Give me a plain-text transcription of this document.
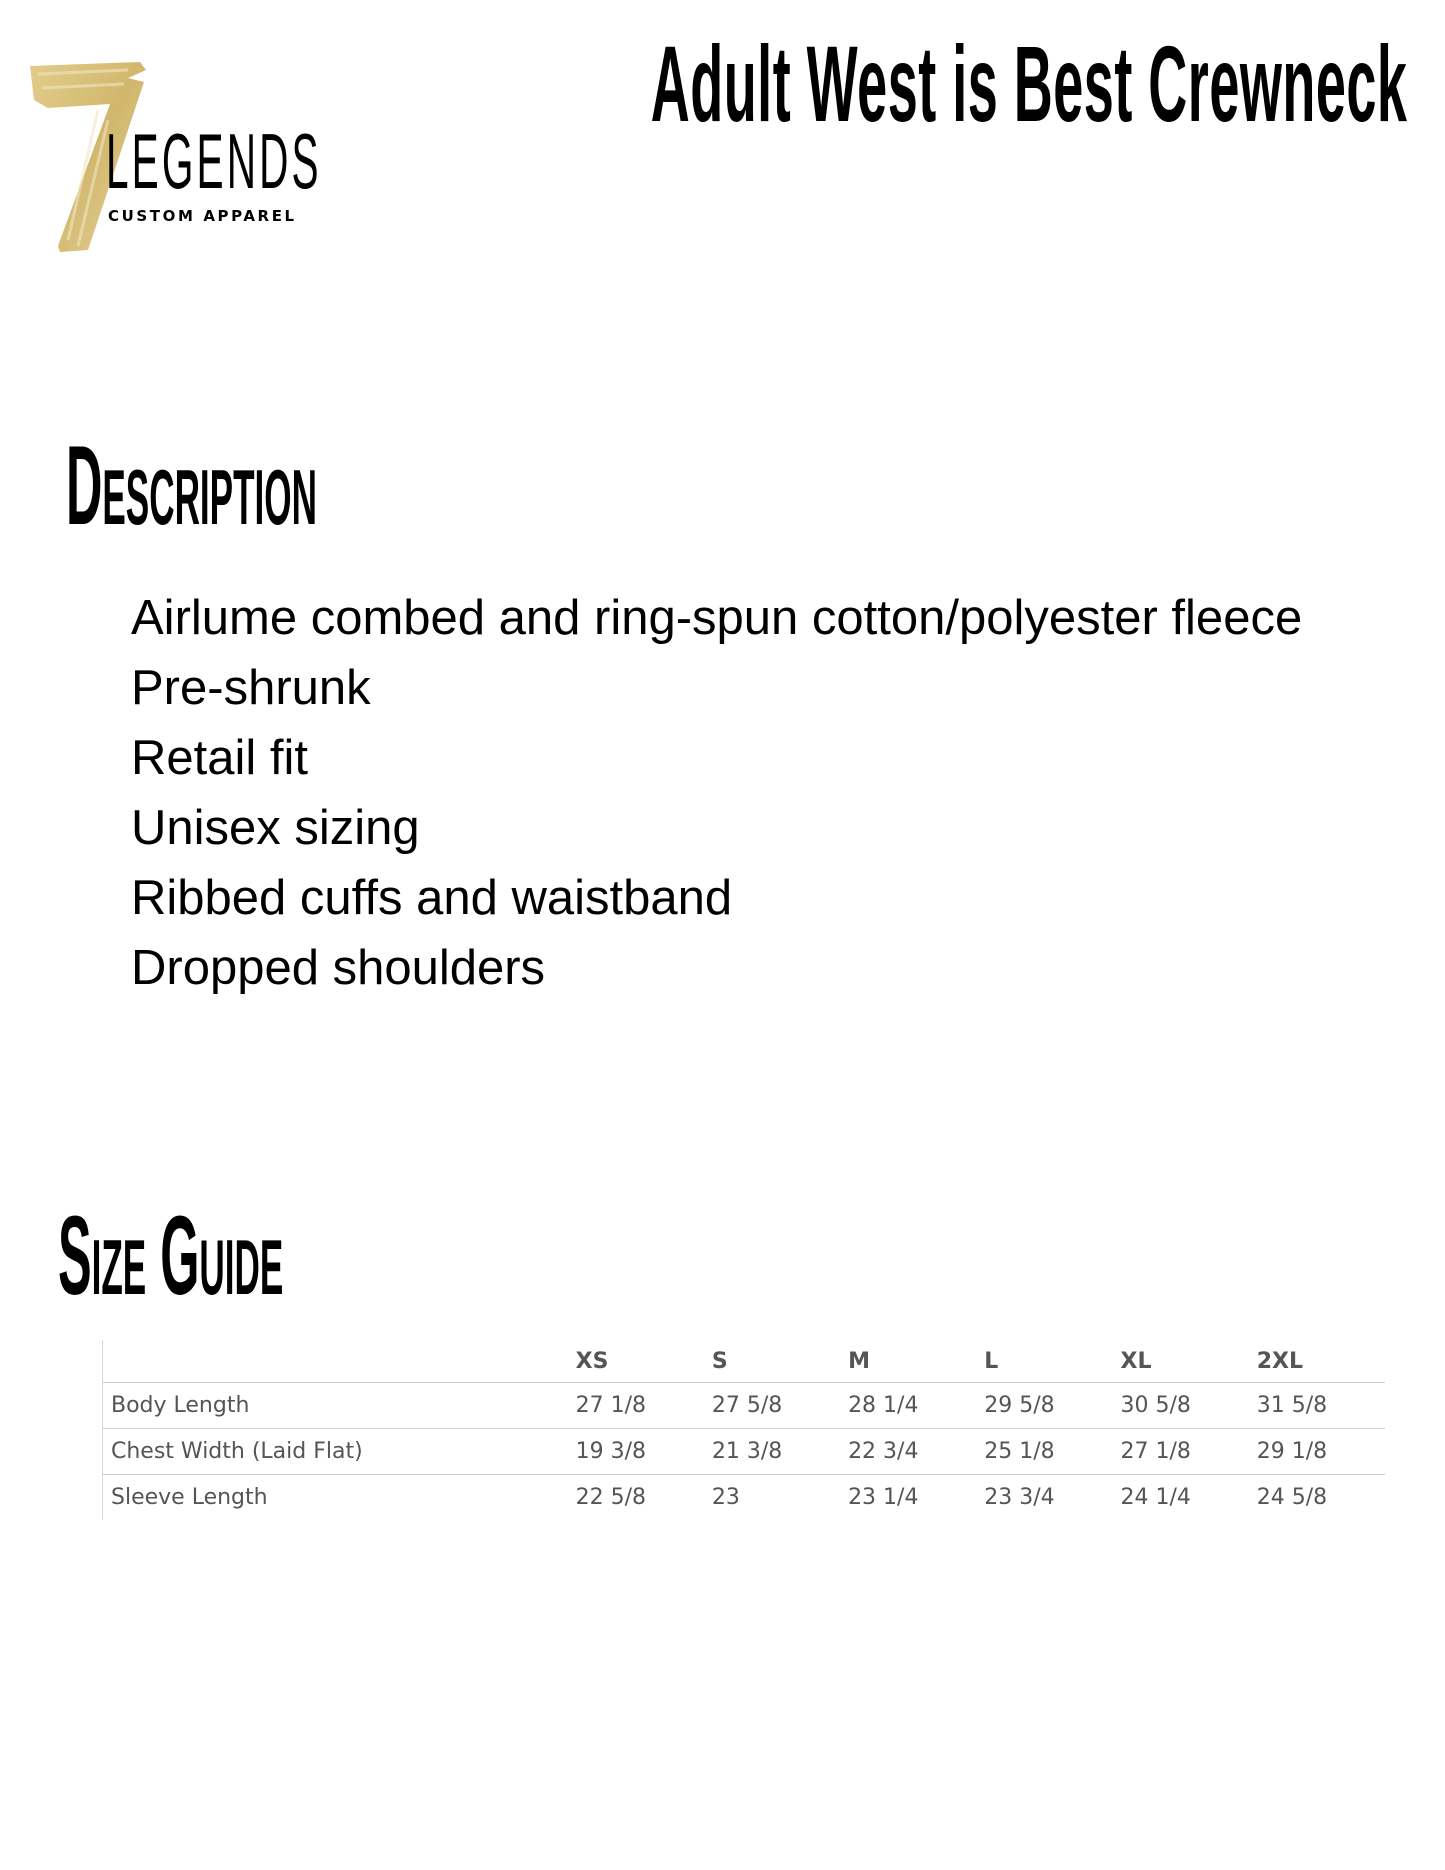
LEGENDS
CUSTOM APPAREL
Adult West is Best Crewneck
Description
Airlume combed and ring-spun cotton/polyester fleece
Pre-shrunk
Retail fit
Unisex sizing
Ribbed cuffs and waistband
Dropped shoulders
Size Guide
	XS	S	M	L	XL	2XL
Body Length	27 1/8	27 5/8	28 1/4	29 5/8	30 5/8	31 5/8
Chest Width (Laid Flat)	19 3/8	21 3/8	22 3/4	25 1/8	27 1/8	29 1/8
Sleeve Length	22 5/8	23	23 1/4	23 3/4	24 1/4	24 5/8
